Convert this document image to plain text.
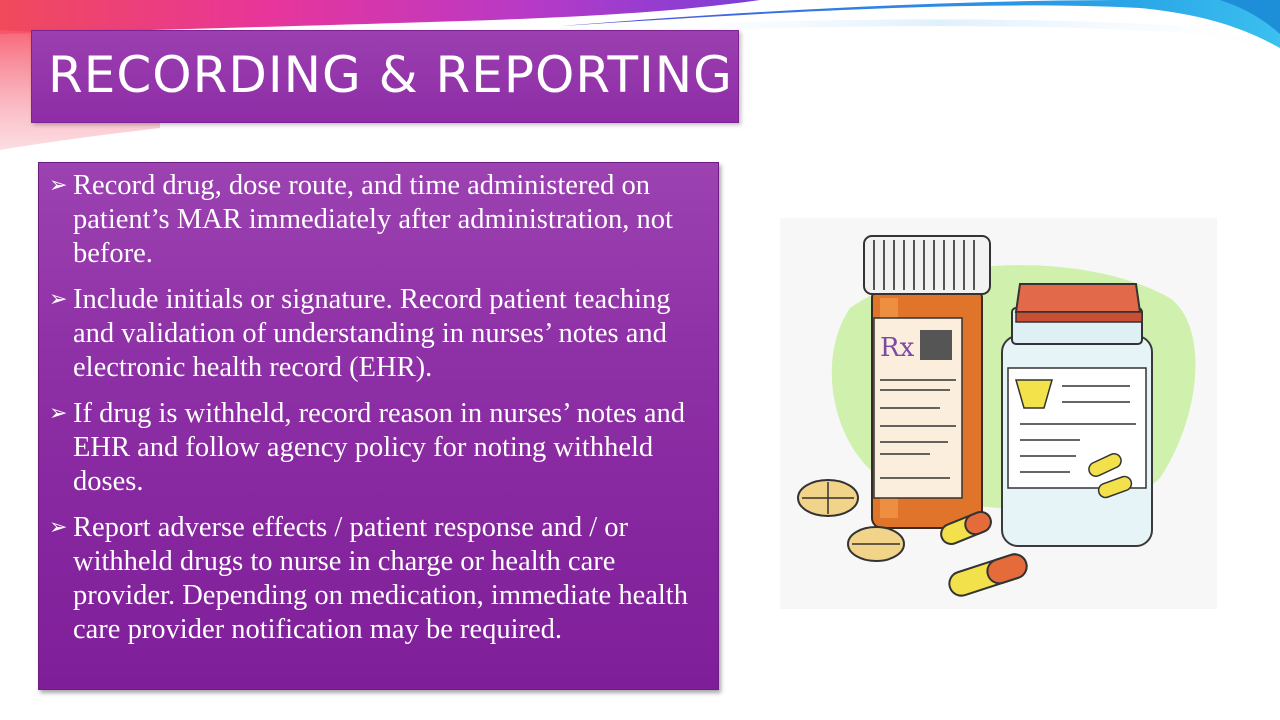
RECORDING & REPORTING
➢ Record drug, dose route, and time administered on patient’s MAR immediately after administration, not before.
➢ Include initials or signature. Record patient teaching and validation of understanding in nurses’ notes and electronic health record (EHR).
➢ If drug is withheld, record reason in nurses’ notes and EHR and follow agency policy for noting withheld doses.
➢ Report adverse effects / patient response and / or withheld drugs to nurse in charge or health care provider. Depending on medication, immediate health care provider notification may be required.
Rx
